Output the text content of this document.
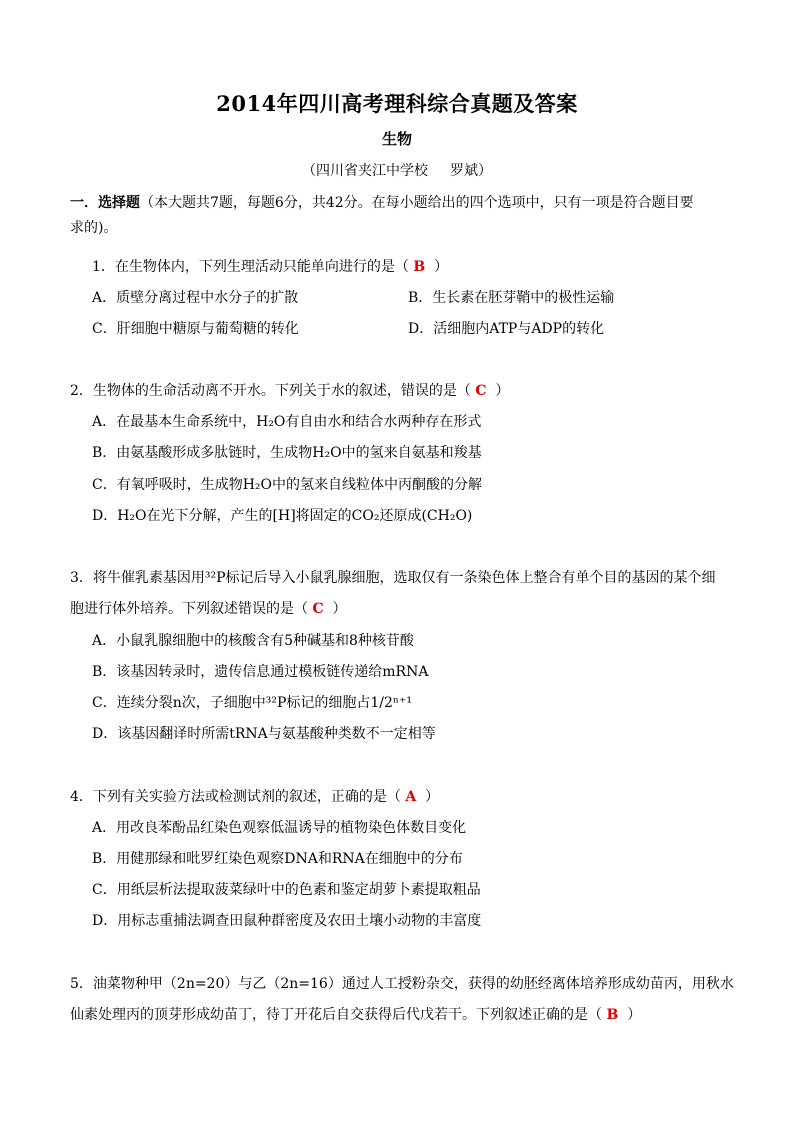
2014年四川高考理科综合真题及答案
生物
（四川省夹江中学校 罗斌）
一．选择题（本大题共7题，每题6分，共42分。在每小题给出的四个选项中，只有一项是符合题目要
求的)。
1．在生物体内，下列生理活动只能单向进行的是（ B ）
A．质壁分离过程中水分子的扩散	B．生长素在胚芽鞘中的极性运输
C．肝细胞中糖原与葡萄糖的转化	D．活细胞内ATP与ADP的转化
2．生物体的生命活动离不开水。下列关于水的叙述，错误的是（ C ）
A．在最基本生命系统中，H₂O有自由水和结合水两种存在形式
B．由氨基酸形成多肽链时，生成物H₂O中的氢来自氨基和羧基
C．有氧呼吸时，生成物H₂O中的氢来自线粒体中丙酮酸的分解
D．H₂O在光下分解，产生的[H]将固定的CO₂还原成(CH₂O)
3．将牛催乳素基因用³²P标记后导入小鼠乳腺细胞，选取仅有一条染色体上整合有单个目的基因的某个细
胞进行体外培养。下列叙述错误的是（ C ）
A．小鼠乳腺细胞中的核酸含有5种碱基和8种核苷酸
B．该基因转录时，遗传信息通过模板链传递给mRNA
C．连续分裂n次，子细胞中³²P标记的细胞占1/2ⁿ⁺¹
D．该基因翻译时所需tRNA与氨基酸种类数不一定相等
4．下列有关实验方法或检测试剂的叙述，正确的是（ A ）
A．用改良苯酚品红染色观察低温诱导的植物染色体数目变化
B．用健那绿和吡罗红染色观察DNA和RNA在细胞中的分布
C．用纸层析法提取菠菜绿叶中的色素和鉴定胡萝卜素提取粗品
D．用标志重捕法调查田鼠种群密度及农田土壤小动物的丰富度
5．油菜物种甲（2n=20）与乙（2n=16）通过人工授粉杂交，获得的幼胚经离体培养形成幼苗丙，用秋水
仙素处理丙的顶芽形成幼苗丁，待丁开花后自交获得后代戊若干。下列叙述正确的是（ B ）
